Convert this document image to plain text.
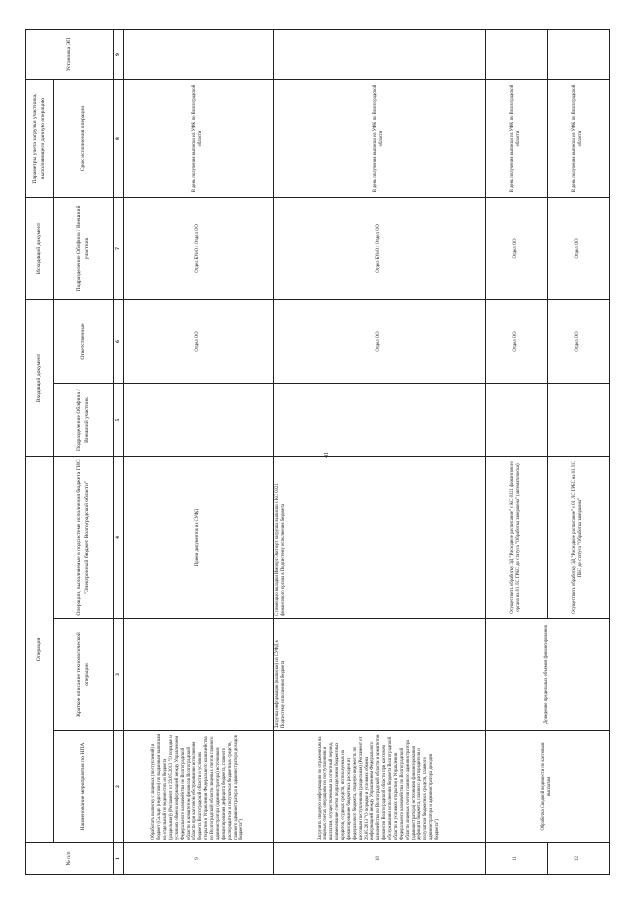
41
№ п/п	Операция			Входящий документ		Исходящий документ	Параметры учета загрузки участника, выполняющего данную операцию	Установка ЭП
	Наименование мероприятия по НПА	Краткое описание технологической операции	Операции, выполняемые в подсистеме исполнения бюджета ГИС "Электронный бюджет Волгоградской области"	Подразделение Облфина / Внешний участник	Ответственные	Подразделение Облфина / Внешний участник	Срок исполнения операции	
1	2	3	4	5	6	7	8	9
9	Обработать выписку с лицевых (поступлений) в бюджет (Сальдо (недостачи) по выданным выпискам на отдельный по ведомостях из бюджета (раздельная)) (Регламент от 29.05.2013 "О порядке и условиях обмена информацией между Управлением Федерального казначейства по Волгоградской области и комитетом финансов Волгоградской области при кассовом обслуживании исполнения бюджета Волгоградской области и условиях открытия в Управлении Федерального казначейства по Волгоградской области лицевых счетов главного администратора (администратора) источников финансирования дефицита бюджета, главного распорядителя и получателя бюджетных средств, главного администратора и администратора доходов бюджета")		Прием документов из СУФД		Отдел ОО	Отдел БУиО / Отдел ОО	В день получения выписки из УФК по Волгоградской области	
10	Загрузить сводную информацию по отраженным на лицевых счетах операциям по поступлениям и выплатам, осуществленным за отчетный период, наименование счетов подразделения бюджетных кредитов, ссудных средств, используемых на финансирование бюджетных расходов из федерального бюджета, сводную ведомость по кассовым поступлениям (раздельная) (Регламент от 29.05.2013 "О порядке и условиях обмена информацией между Управлением Федерального казначейства по Волгоградской области и комитетом финансов Волгоградской области при кассовом обслуживании исполнения бюджета Волгоградской области и условиях открытия в Управлении Федерального казначейства по Волгоградской области лицевых счетов главного администратора (администратора) источников финансирования дефицита бюджета, главного распорядителя и получателя бюджетных средств, главного администратора и администратора доходов бюджета")	Загрузка информации (выписки) из СУФД в Подсистему исполнения бюджета	С помощью вкладки Импорт/Экспорт загрузка выписки с КС 0321 финансового органа в Подсистему исполнения бюджета		Отдел ОО	Отдел БУиО / Отдел ОО	В день получения выписки из УФК по Волгоградской области	
11	Обработка Сводной ведомости по кассовым выплатам	Доведение предельных объемов финансирования	Осуществить обработку ЭД "Расходное расписание" с КС 0321 финансового органа на 01 ЛС ГРБС до статуса "Обработка завершена" (автоматически)		Отдел ОО	Отдел ОО	В день получения выписки из УФК по Волгоградской области	
12			Осуществить обработку ЭД "Расходное расписание" с 01 ЛС ГРБС на 03 ЛС ПБС до статуса "Обработка завершена"		Отдел ОО	Отдел ОО	В день получения выписки из УФК по Волгоградской области	
